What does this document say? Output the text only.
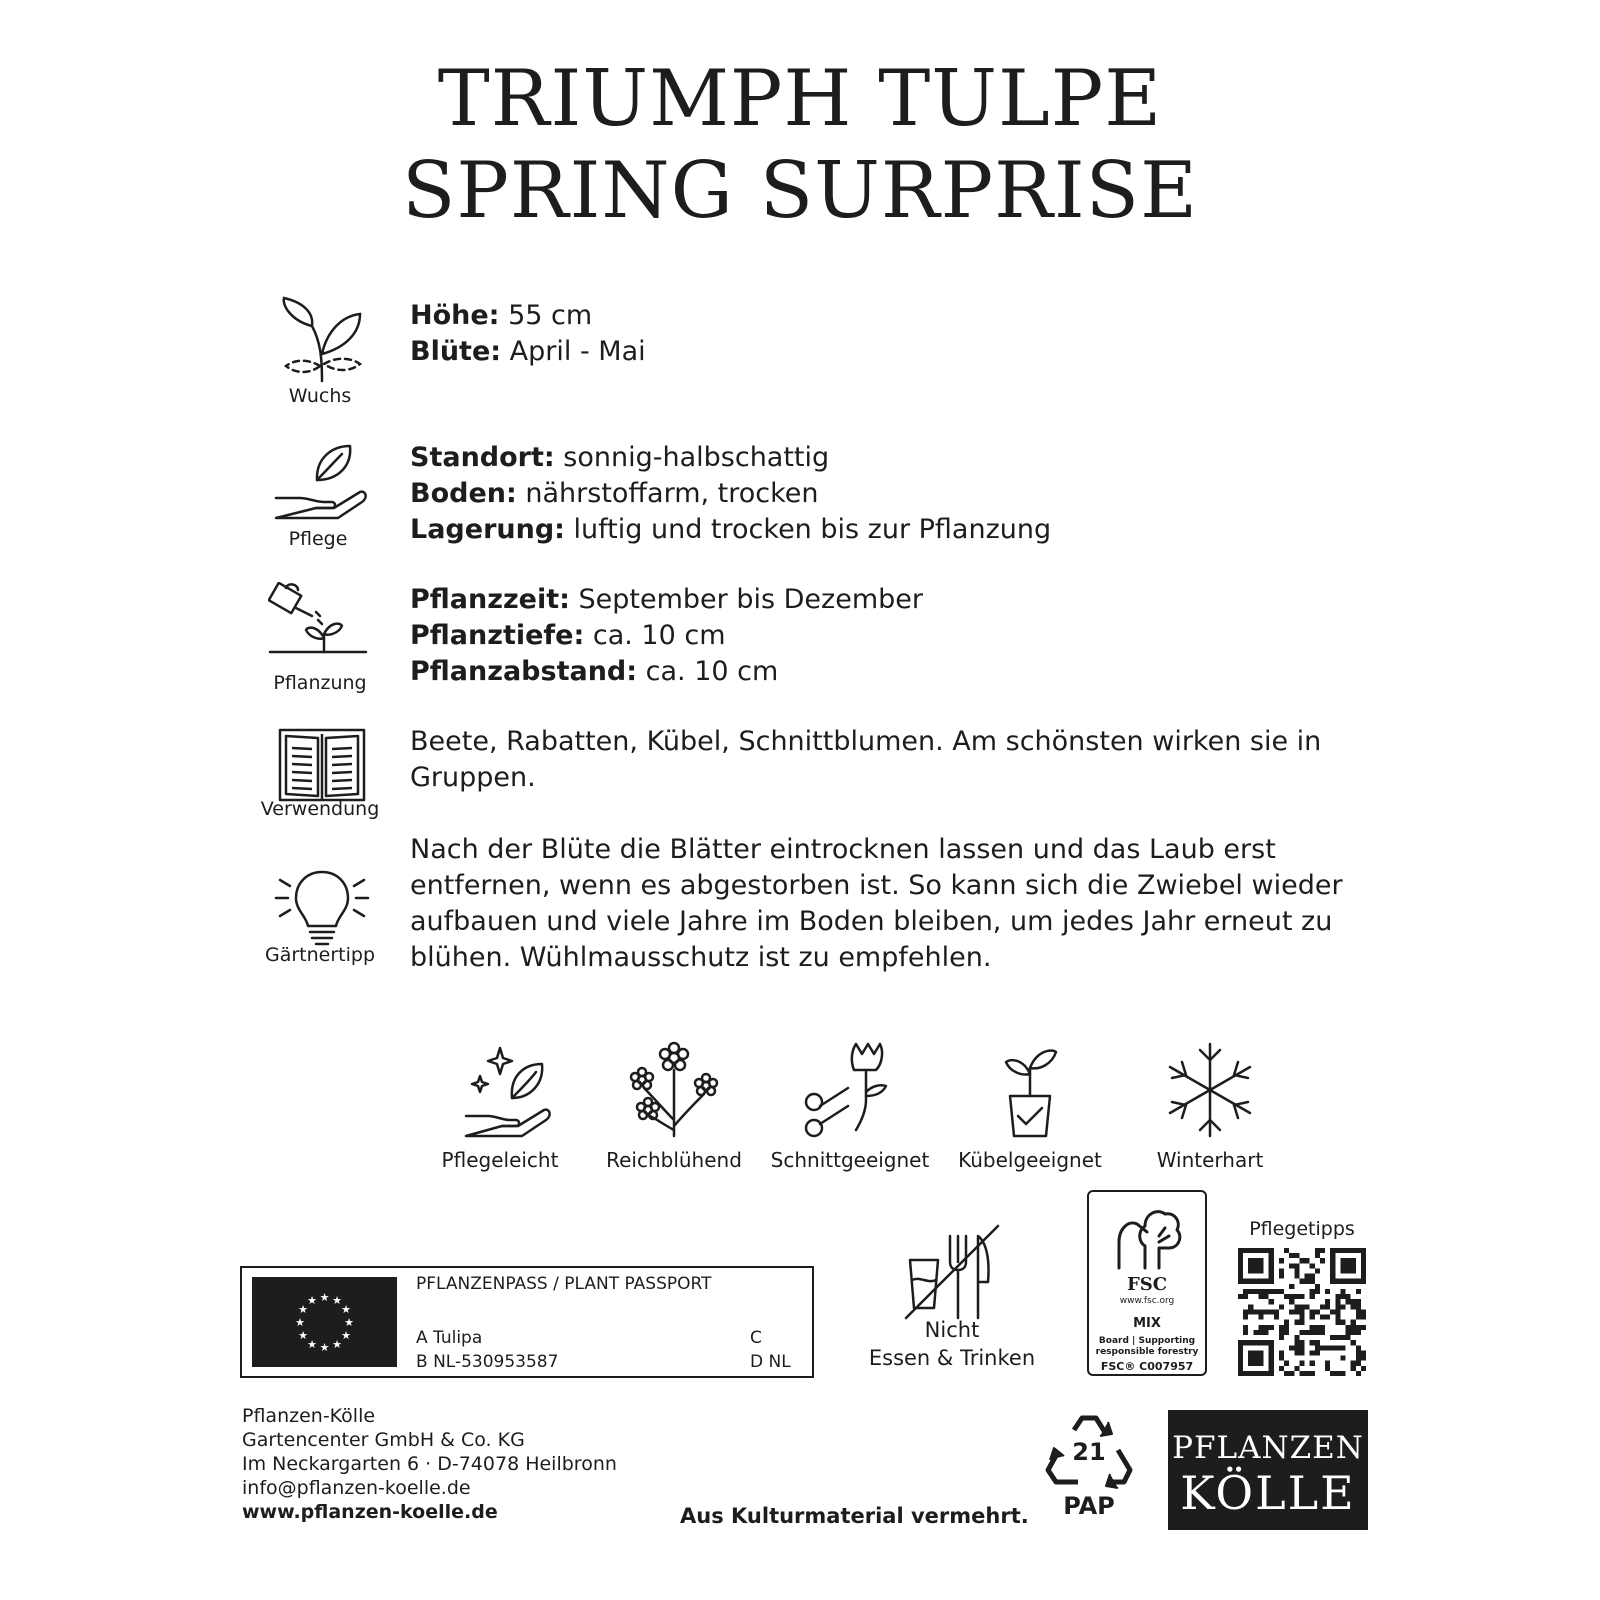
TRIUMPH TULPE
SPRING SURPRISE
Wuchs
Höhe: 55 cm
Blüte: April - Mai
Pflege
Standort: sonnig-halbschattig
Boden: nährstoffarm, trocken
Lagerung: luftig und trocken bis zur Pflanzung
Pflanzung
Pflanzzeit: September bis Dezember
Pflanztiefe: ca. 10 cm
Pflanzabstand: ca. 10 cm
Verwendung
Beete, Rabatten, Kübel, Schnittblumen. Am schönsten wirken sie in Gruppen.
Gärtnertipp
Nach der Blüte die Blätter eintrocknen lassen und das Laub erst entfernen, wenn es abgestorben ist. So kann sich die Zwiebel wieder aufbauen und viele Jahre im Boden bleiben, um jedes Jahr erneut zu blühen. Wühlmausschutz ist zu empfehlen.
Pflegeleicht	Reichblühend	Schnittgeeignet	Kübelgeeignet	Winterhart
★ ★
★
★
★
★
★
★
★
★
★
★
PFLANZENPASS / PLANT PASSPORT
A Tulipa
B NL-530953587
C
D NL
Nicht
Essen & Trinken
FSC
www.fsc.org
MIX
Board | Supporting
responsible forestry
FSC® C007957
Pflegetipps
Pflanzen-Kölle
Gartencenter GmbH & Co. KG
Im Neckargarten 6 · D-74078 Heilbronn
info@pflanzen-koelle.de
www.pflanzen-koelle.de	Aus Kulturmaterial vermehrt.
21
PAP
PFLANZEN
KÖLLE
